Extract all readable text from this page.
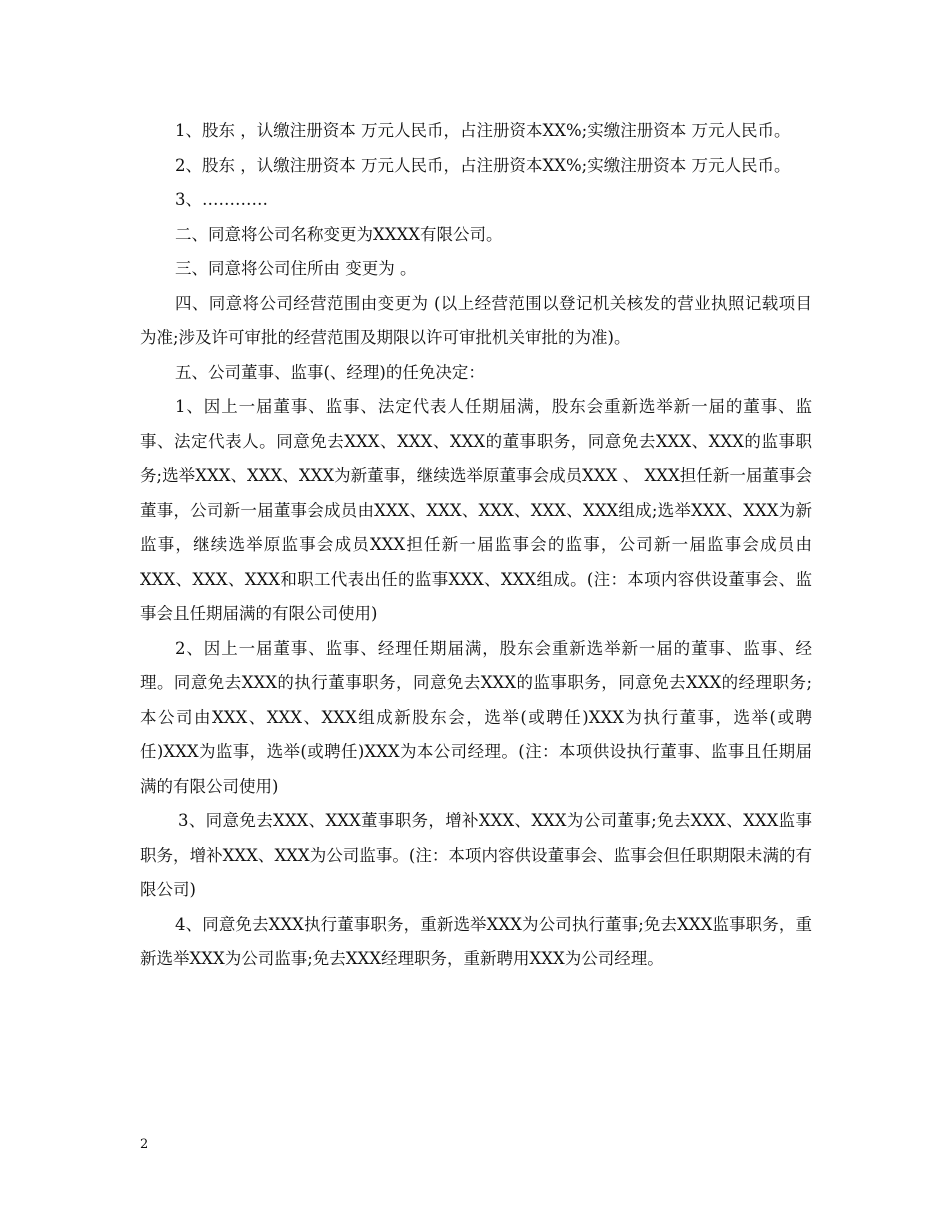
1、股东 ，认缴注册资本 万元人民币，占注册资本XX%;实缴注册资本 万元人民币。

2、股东 ，认缴注册资本 万元人民币，占注册资本XX%;实缴注册资本 万元人民币。

3、…………

二、同意将公司名称变更为XXXX有限公司。

三、同意将公司住所由 变更为 。

四、同意将公司经营范围由变更为 (以上经营范围以登记机关核发的营业执照记载项目为准;涉及许可审批的经营范围及期限以许可审批机关审批的为准)。

五、公司董事、监事(、经理)的任免决定：

1、因上一届董事、监事、法定代表人任期届满，股东会重新选举新一届的董事、监事、法定代表人。同意免去XXX、XXX、XXX的董事职务，同意免去XXX、XXX的监事职务;选举XXX、XXX、XXX为新董事，继续选举原董事会成员XXX 、 XXX担任新一届董事会董事，公司新一届董事会成员由XXX、XXX、XXX、XXX、XXX组成;选举XXX、XXX为新监事，继续选举原监事会成员XXX担任新一届监事会的监事，公司新一届监事会成员由XXX、XXX、XXX和职工代表出任的监事XXX、XXX组成。(注：本项内容供设董事会、监事会且任期届满的有限公司使用)

2、因上一届董事、监事、经理任期届满，股东会重新选举新一届的董事、监事、经理。同意免去XXX的执行董事职务，同意免去XXX的监事职务，同意免去XXX的经理职务;本公司由XXX、XXX、XXX组成新股东会，选举(或聘任)XXX为执行董事，选举(或聘任)XXX为监事，选举(或聘任)XXX为本公司经理。(注：本项供设执行董事、监事且任期届满的有限公司使用)

3、同意免去XXX、XXX董事职务，增补XXX、XXX为公司董事;免去XXX、XXX监事职务，增补XXX、XXX为公司监事。(注：本项内容供设董事会、监事会但任职期限未满的有限公司)

4、同意免去XXX执行董事职务，重新选举XXX为公司执行董事;免去XXX监事职务，重新选举XXX为公司监事;免去XXX经理职务，重新聘用XXX为公司经理。

2
